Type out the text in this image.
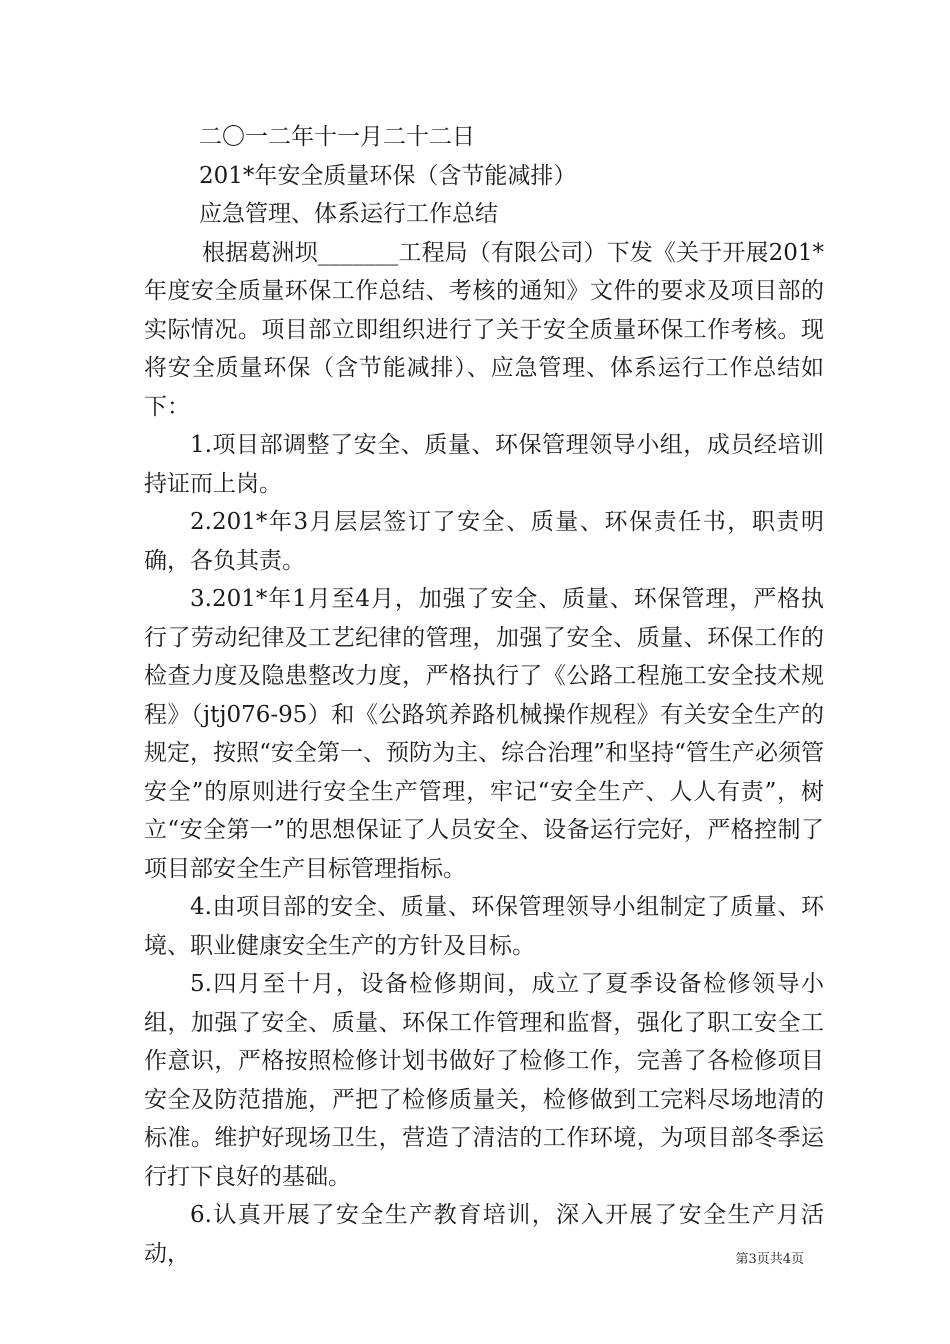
二〇一二年十一月二十二日
201*年安全质量环保（含节能减排）
应急管理、体系运行工作总结

根据葛洲坝_______工程局（有限公司）下发《关于开展201*年度安全质量环保工作总结、考核的通知》文件的要求及项目部的实际情况。项目部立即组织进行了关于安全质量环保工作考核。现将安全质量环保（含节能减排）、应急管理、体系运行工作总结如下：

1.项目部调整了安全、质量、环保管理领导小组，成员经培训持证而上岗。

2.201*年3月层层签订了安全、质量、环保责任书，职责明确，各负其责。

3.201*年1月至4月，加强了安全、质量、环保管理，严格执行了劳动纪律及工艺纪律的管理，加强了安全、质量、环保工作的检查力度及隐患整改力度，严格执行了《公路工程施工安全技术规程》（jtj076-95）和《公路筑养路机械操作规程》有关安全生产的规定，按照“安全第一、预防为主、综合治理”和坚持“管生产必须管安全”的原则进行安全生产管理，牢记“安全生产、人人有责”，树立“安全第一”的思想保证了人员安全、设备运行完好，严格控制了项目部安全生产目标管理指标。

4.由项目部的安全、质量、环保管理领导小组制定了质量、环境、职业健康安全生产的方针及目标。

5.四月至十月，设备检修期间，成立了夏季设备检修领导小组，加强了安全、质量、环保工作管理和监督，强化了职工安全工作意识，严格按照检修计划书做好了检修工作，完善了各检修项目安全及防范措施，严把了检修质量关，检修做到工完料尽场地清的标准。维护好现场卫生，营造了清洁的工作环境，为项目部冬季运行打下良好的基础。

6.认真开展了安全生产教育培训，深入开展了安全生产月活动，	第3页共4页
